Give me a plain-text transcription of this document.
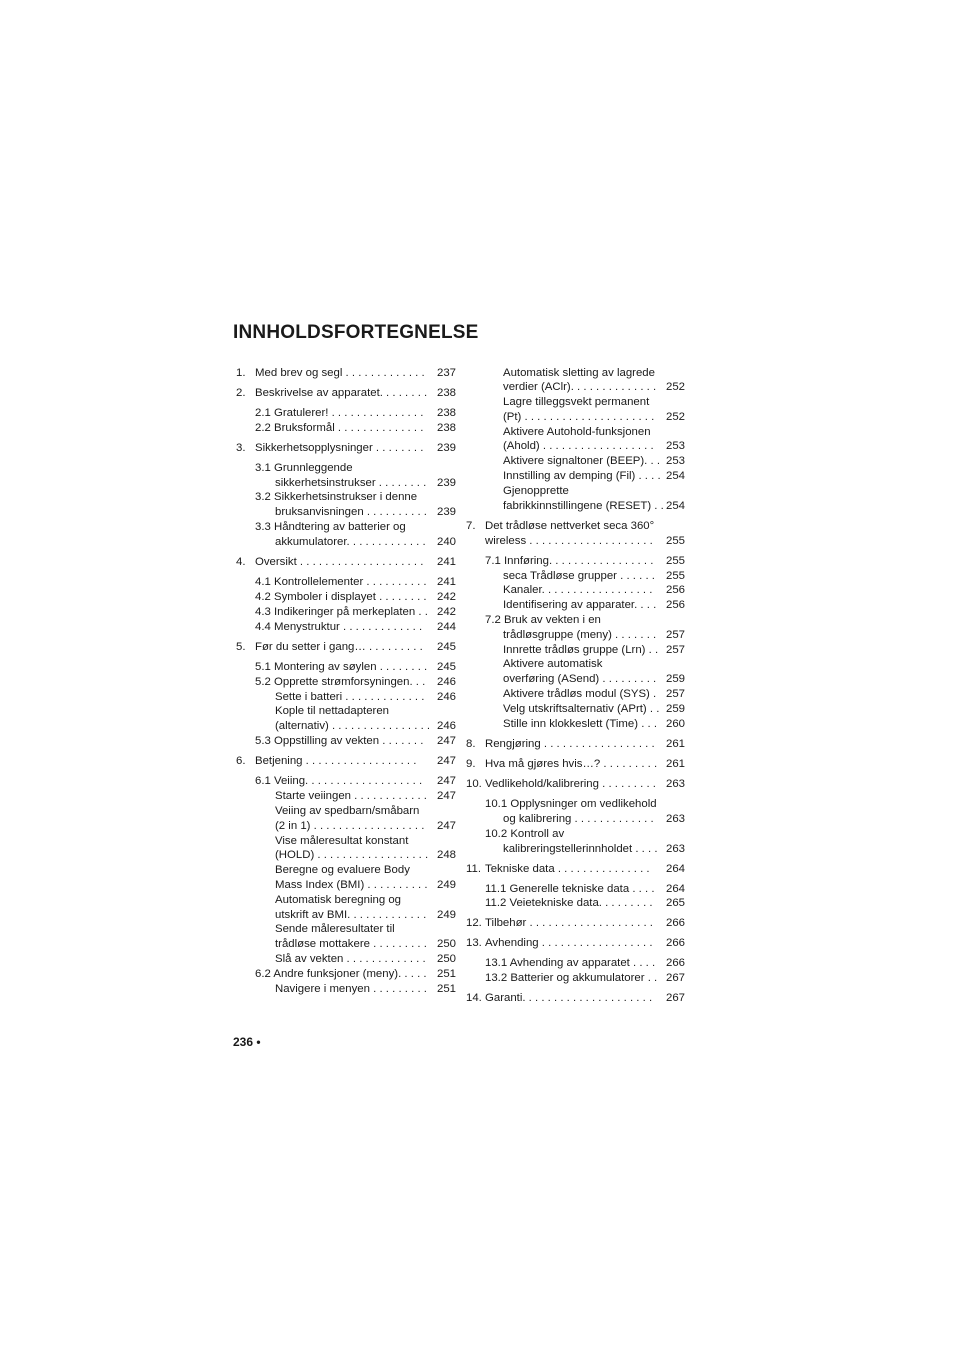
INNHOLDSFORTEGNELSE
1. Med brev og segl . . . . . . . . . . . . . 237
2. Beskrivelse av apparatet. . . . . . . . 238
2.1 Gratulerer! . . . . . . . . . . . . . . . 238
2.2 Bruksformål . . . . . . . . . . . . . . 238
3. Sikkerhetsopplysninger . . . . . . . . 239
3.1 Grunnleggende
sikkerhetsinstrukser . . . . . . . . 239
3.2 Sikkerhetsinstrukser i denne
bruksanvisningen . . . . . . . . . . 239
3.3 Håndtering av batterier og
akkumulatorer. . . . . . . . . . . . . 240
4. Oversikt . . . . . . . . . . . . . . . . . . . . 241
4.1 Kontrollelementer . . . . . . . . . . 241
4.2 Symboler i displayet . . . . . . . . 242
4.3 Indikeringer på merkeplaten . . 242
4.4 Menystruktur . . . . . . . . . . . . . 244
5. Før du setter i gang… . . . . . . . . . 245
5.1 Montering av søylen . . . . . . . . 245
5.2 Opprette strømforsyningen. . . 246
Sette i batteri . . . . . . . . . . . . . 246
Kople til nettadapteren
(alternativ) . . . . . . . . . . . . . . . . 246
5.3 Oppstilling av vekten . . . . . . . 247
6. Betjening . . . . . . . . . . . . . . . . . . 247
6.1 Veiing. . . . . . . . . . . . . . . . . . . 247
Starte veiingen . . . . . . . . . . . . 247
Veiing av spedbarn/småbarn
(2 in 1) . . . . . . . . . . . . . . . . . . 247
Vise måleresultat konstant
(HOLD) . . . . . . . . . . . . . . . . . . 248
Beregne og evaluere Body
Mass Index (BMI) . . . . . . . . . . 249
Automatisk beregning og
utskrift av BMI. . . . . . . . . . . . . 249
Sende måleresultater til
trådløse mottakere . . . . . . . . . 250
Slå av vekten . . . . . . . . . . . . . 250
6.2 Andre funksjoner (meny). . . . . 251
Navigere i menyen . . . . . . . . . 251
Automatisk sletting av lagrede
verdier (AClr). . . . . . . . . . . . . . 252
Lagre tilleggsvekt permanent
(Pt) . . . . . . . . . . . . . . . . . . . . . 252
Aktivere Autohold-funksjonen
(Ahold) . . . . . . . . . . . . . . . . . . 253
Aktivere signaltoner (BEEP). . . 253
Innstilling av demping (Fil) . . . . 254
Gjenopprette
fabrikkinnstillingene (RESET) . . 254
7. Det trådløse nettverket seca 360°
wireless . . . . . . . . . . . . . . . . . . . . 255
7.1 Innføring. . . . . . . . . . . . . . . . . 255
seca Trådløse grupper . . . . . . 255
Kanaler. . . . . . . . . . . . . . . . . . 256
Identifisering av apparater. . . . 256
7.2 Bruk av vekten i en
trådløsgruppe (meny) . . . . . . . 257
Innrette trådløs gruppe (Lrn) . . 257
Aktivere automatisk
overføring (ASend) . . . . . . . . . 259
Aktivere trådløs modul (SYS) . 257
Velg utskriftsalternativ (APrt) . . 259
Stille inn klokkeslett (Time) . . . 260
8. Rengjøring . . . . . . . . . . . . . . . . . . 261
9. Hva må gjøres hvis…? . . . . . . . . . 261
10. Vedlikehold/kalibrering . . . . . . . . . 263
10.1 Opplysninger om vedlikehold
og kalibrering . . . . . . . . . . . . . 263
10.2 Kontroll av
kalibreringstellerinnholdet . . . . 263
11. Tekniske data . . . . . . . . . . . . . . . 264
11.1 Generelle tekniske data . . . . 264
11.2 Veietekniske data. . . . . . . . . 265
12. Tilbehør . . . . . . . . . . . . . . . . . . . . 266
13. Avhending . . . . . . . . . . . . . . . . . . 266
13.1 Avhending av apparatet . . . . 266
13.2 Batterier og akkumulatorer . . 267
14. Garanti. . . . . . . . . . . . . . . . . . . . . 267
236 •
